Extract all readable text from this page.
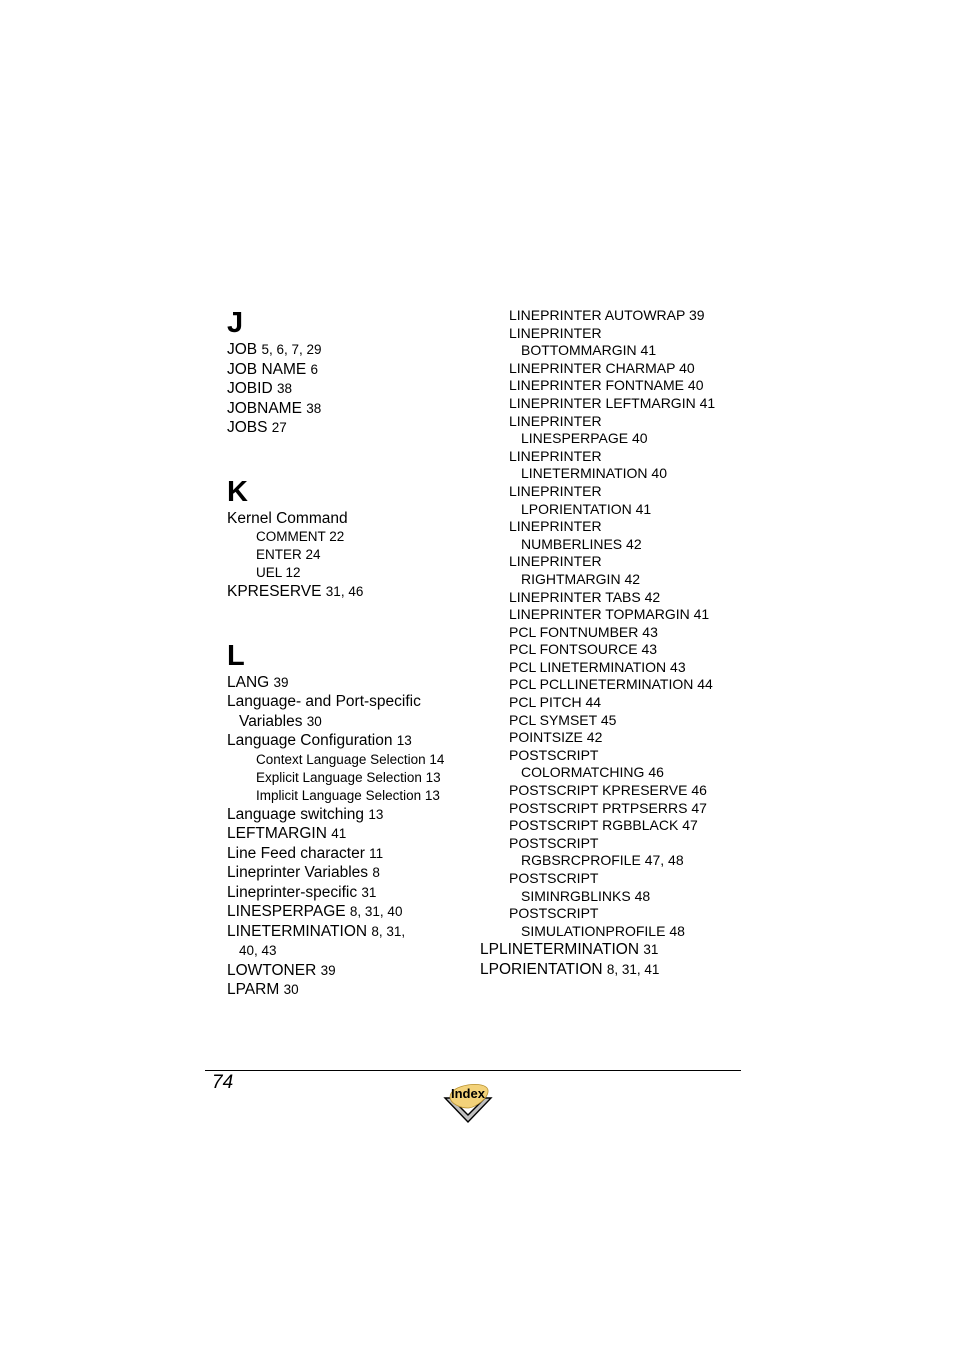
J
JOB 5, 6, 7, 29
JOB NAME 6
JOBID 38
JOBNAME 38
JOBS 27
K
Kernel Command
COMMENT 22
ENTER 24
UEL 12
KPRESERVE 31, 46
L
LANG 39
Language- and Port-specific
Variables 30
Language Configuration 13
Context Language Selection 14
Explicit Language Selection 13
Implicit Language Selection 13
Language switching 13
LEFTMARGIN 41
Line Feed character 11
Lineprinter Variables 8
Lineprinter-specific 31
LINESPERPAGE 8, 31, 40
LINETERMINATION 8, 31,
40, 43
LOWTONER 39
LPARM 30
LINEPRINTER AUTOWRAP 39
LINEPRINTER
BOTTOMMARGIN 41
LINEPRINTER CHARMAP 40
LINEPRINTER FONTNAME 40
LINEPRINTER LEFTMARGIN 41
LINEPRINTER
LINESPERPAGE 40
LINEPRINTER
LINETERMINATION 40
LINEPRINTER
LPORIENTATION 41
LINEPRINTER
NUMBERLINES 42
LINEPRINTER
RIGHTMARGIN 42
LINEPRINTER TABS 42
LINEPRINTER TOPMARGIN 41
PCL FONTNUMBER 43
PCL FONTSOURCE 43
PCL LINETERMINATION 43
PCL PCLLINETERMINATION 44
PCL PITCH 44
PCL SYMSET 45
POINTSIZE 42
POSTSCRIPT
COLORMATCHING 46
POSTSCRIPT KPRESERVE 46
POSTSCRIPT PRTPSERRS 47
POSTSCRIPT RGBBLACK 47
POSTSCRIPT
RGBSRCPROFILE 47, 48
POSTSCRIPT
SIMINRGBLINKS 48
POSTSCRIPT
SIMULATIONPROFILE 48
LPLINETERMINATION 31
LPORIENTATION 8, 31, 41
74
Index
